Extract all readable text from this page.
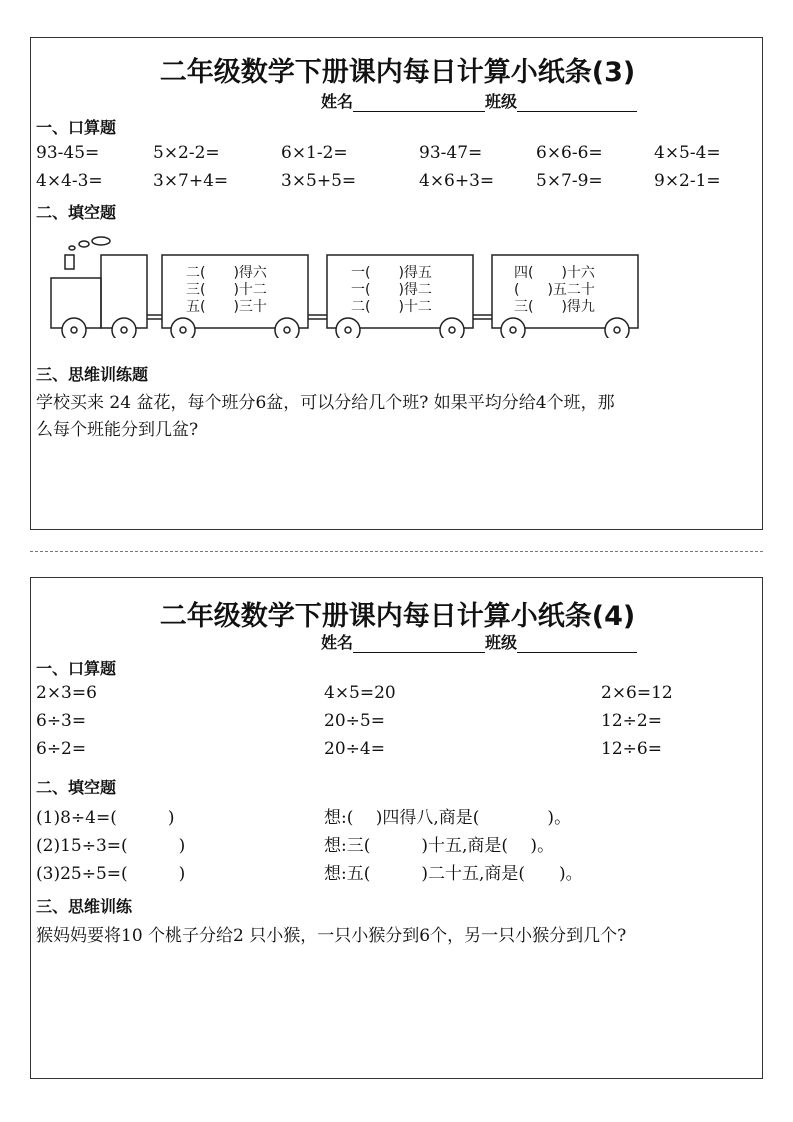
二年级数学下册课内每日计算小纸条(3)
姓名	班级
一、口算题
93-45=	5×2-2=	6×1-2=	93-47=	6×6-6=	4×5-4=
4×4-3=	3×7+4=	3×5+5=	4×6+3= 5×7-9=	9×2-1=
二、填空题
二(　　)得六
三(　　)十二
五(　　)三十
一(　　)得五
一(　　)得二
二(　　)十二
四(　　)十六
(　　)五二十
三(　　)得九
三、思维训练题
学校买来 24 盆花，每个班分6盆，可以分给几个班? 如果平均分给4个班，那
么每个班能分到几盆?
二年级数学下册课内每日计算小纸条(4)
姓名	班级
一、口算题
2×3=6	4×5=20	2×6=12
6÷3=	20÷5=	12÷2=
6÷2=	20÷4=	12÷6=
二、填空题
(1)8÷4=(　　　)	想:(　 )四得八,商是(　　　　)。
(2)15÷3=(　　　)	想:三(　　　)十五,商是(　 )。
(3)25÷5=(　　　)	想:五(　　　)二十五,商是(　　)。
三、思维训练
猴妈妈要将10 个桃子分给2 只小猴，一只小猴分到6个，另一只小猴分到几个?
